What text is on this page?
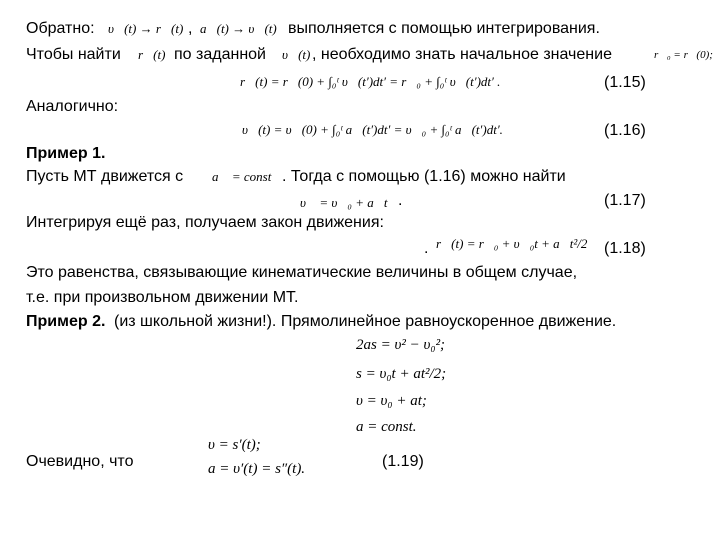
Обратно: υ⃗(t) → r⃗(t) , a⃗(t) → υ⃗(t) выполняется с помощью интегрирования.
Чтобы найти r⃗(t) по заданной υ⃗(t) , необходимо знать начальное значение	r⃗₀ = r⃗(0);
r⃗(t) = r⃗(0) + ∫₀ᵗ υ⃗(t′)dt′ = r⃗₀ + ∫₀ᵗ υ⃗(t′)dt′ .	(1.15)
Аналогично:
υ⃗(t) = υ⃗(0) + ∫₀ᵗ a⃗(t′)dt′ = υ⃗₀ + ∫₀ᵗ a⃗(t′)dt′.	(1.16)
Пример 1.
Пусть МТ движется с a⃗ = const . Тогда с помощью (1.16) можно найти
υ⃗ = υ⃗₀ + a⃗t .	(1.17)
Интегрируя ещё раз, получаем закон движения:
. r⃗(t) = r⃗₀ + υ⃗₀t + a⃗t²/2 (1.18)
Это равенства, связывающие кинематические величины в общем случае,
т.е. при произвольном движении МТ.
Пример 2. (из школьной жизни!). Прямолинейное равноускоренное движение.
2as = υ² − υ₀²;
s = υ₀t + at²/2;
υ = υ₀ + at;
a = const.
Очевидно, что
υ = s′(t);
a = υ′(t) = s″(t).	(1.19)
